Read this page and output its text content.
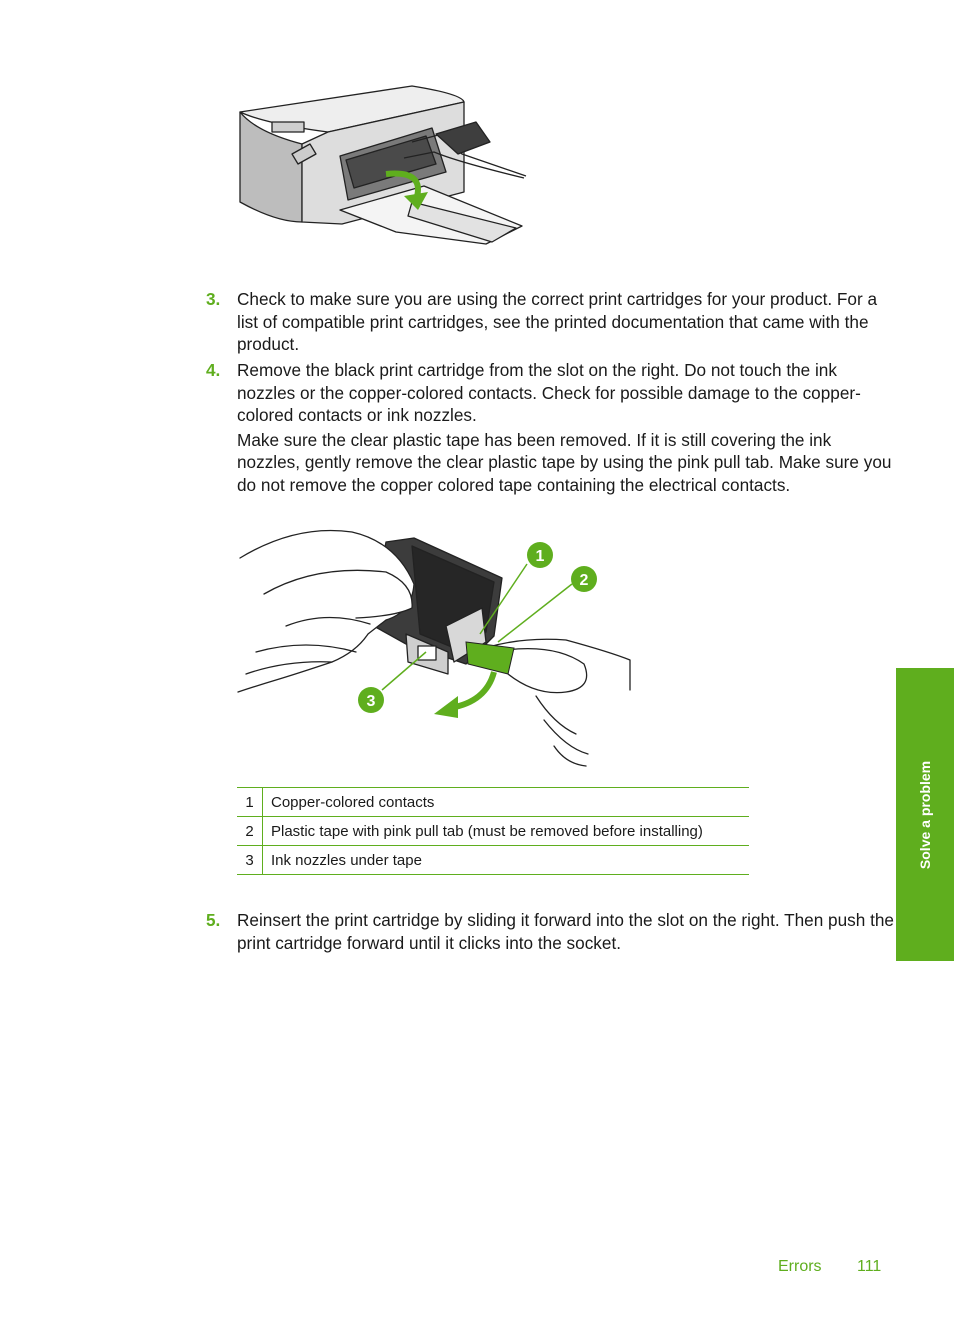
3. Check to make sure you are using the correct print cartridges for your product. For a list of compatible print cartridges, see the printed documentation that came with the product.

4. Remove the black print cartridge from the slot on the right. Do not touch the ink nozzles or the copper-colored contacts. Check for possible damage to the copper-colored contacts or ink nozzles.

Make sure the clear plastic tape has been removed. If it is still covering the ink nozzles, gently remove the clear plastic tape by using the pink pull tab. Make sure you do not remove the copper colored tape containing the electrical contacts.

1
2
3
1	Copper-colored contacts
2	Plastic tape with pink pull tab (must be removed before installing)
3	Ink nozzles under tape
5. Reinsert the print cartridge by sliding it forward into the slot on the right. Then push the print cartridge forward until it clicks into the socket.

Solve a problem
Errors 111
